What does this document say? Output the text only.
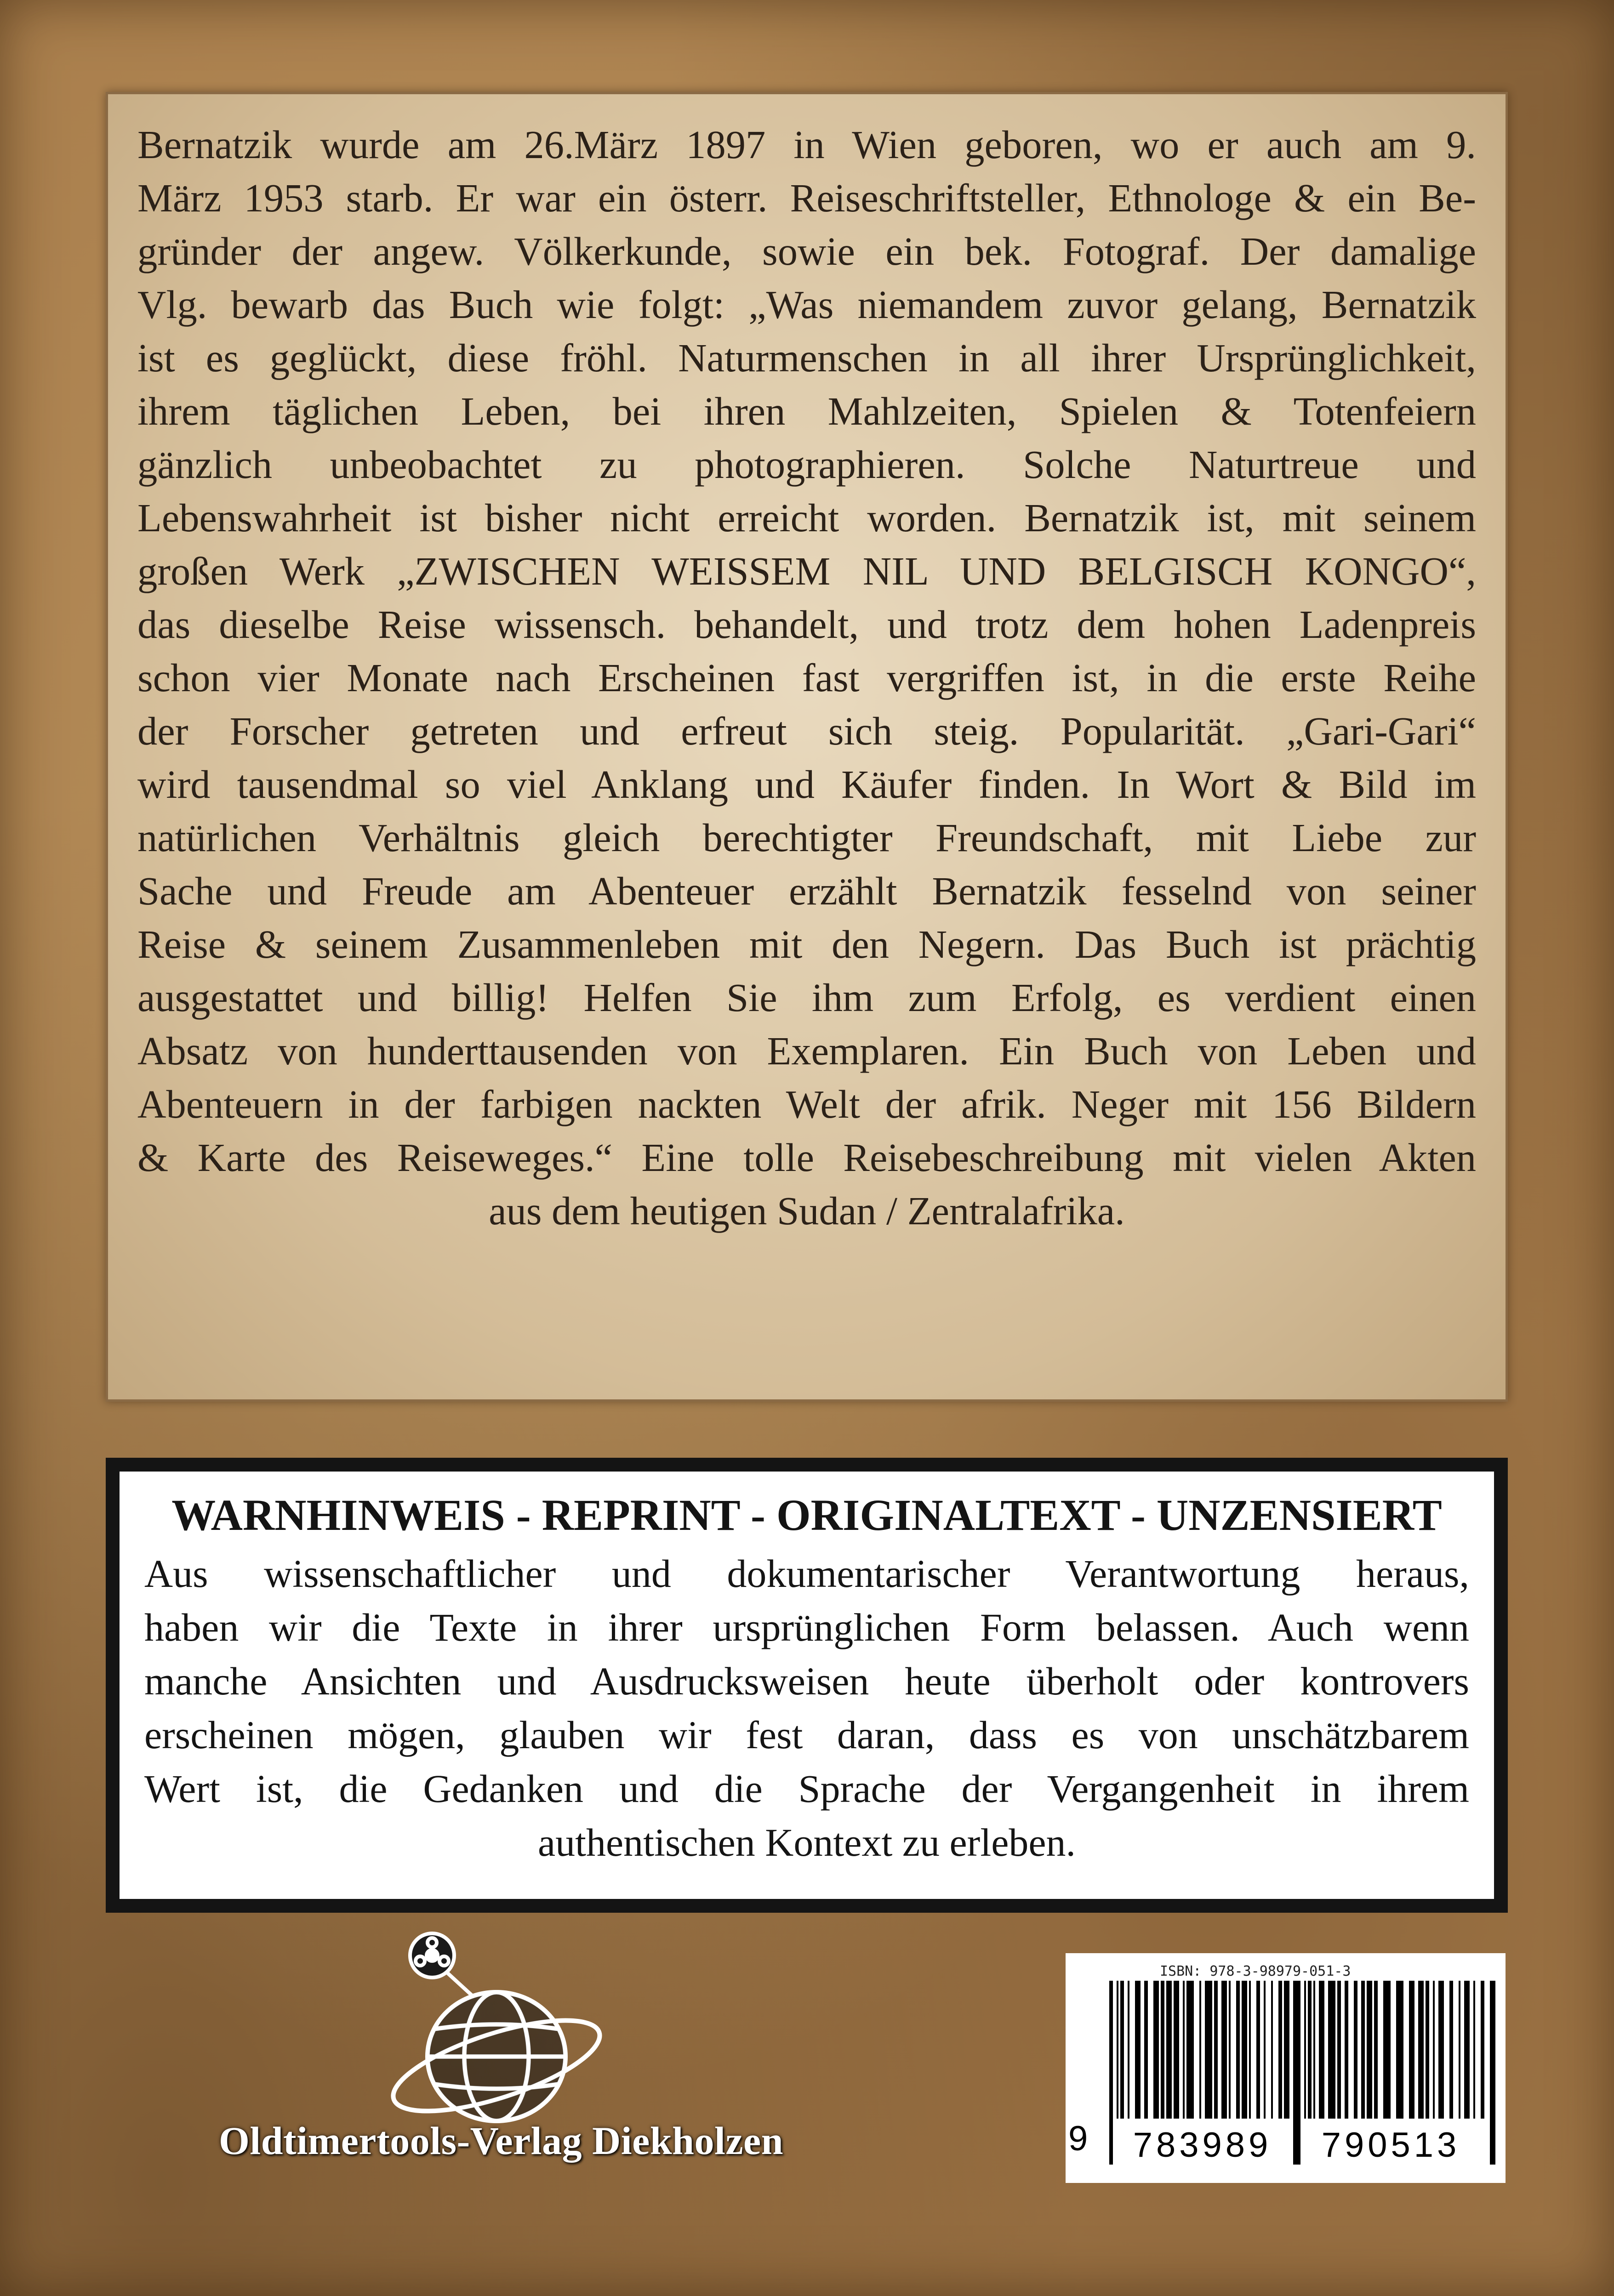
Bernatzik wurde am 26.März 1897 in Wien geboren, wo er auch am 9.

März 1953 starb. Er war ein österr. Reiseschriftsteller, Ethnologe & ein Be-

gründer der angew. Völkerkunde, sowie ein bek. Fotograf. Der damalige

Vlg. bewarb das Buch wie folgt: „Was niemandem zuvor gelang, Bernatzik

ist es geglückt, diese fröhl. Naturmenschen in all ihrer Ursprünglichkeit,

ihrem täglichen Leben, bei ihren Mahlzeiten, Spielen & Totenfeiern

gänzlich unbeobachtet zu photographieren. Solche Naturtreue und

Lebenswahrheit ist bisher nicht erreicht worden. Bernatzik ist, mit seinem

großen Werk „ZWISCHEN WEISSEM NIL UND BELGISCH KONGO“,

das dieselbe Reise wissensch. behandelt, und trotz dem hohen Ladenpreis

schon vier Monate nach Erscheinen fast vergriffen ist, in die erste Reihe

der Forscher getreten und erfreut sich steig. Popularität. „Gari-Gari“

wird tausendmal so viel Anklang und Käufer finden. In Wort & Bild im

natürlichen Verhältnis gleich berechtigter Freundschaft, mit Liebe zur

Sache und Freude am Abenteuer erzählt Bernatzik fesselnd von seiner

Reise & seinem Zusammenleben mit den Negern. Das Buch ist prächtig

ausgestattet und billig! Helfen Sie ihm zum Erfolg, es verdient einen

Absatz von hunderttausenden von Exemplaren. Ein Buch von Leben und

Abenteuern in der farbigen nackten Welt der afrik. Neger mit 156 Bildern

& Karte des Reiseweges.“ Eine tolle Reisebeschreibung mit vielen Akten

aus dem heutigen Sudan / Zentralafrika.

WARNHINWEIS - REPRINT - ORIGINALTEXT - UNZENSIERT

Aus wissenschaftlicher und dokumentarischer Verantwortung heraus,

haben wir die Texte in ihrer ursprünglichen Form belassen. Auch wenn

manche Ansichten und Ausdrucksweisen heute überholt oder kontrovers

erscheinen mögen, glauben wir fest daran, dass es von unschätzbarem

Wert ist, die Gedanken und die Sprache der Vergangenheit in ihrem

authentischen Kontext zu erleben.

Oldtimertools-Verlag Diekholzen
ISBN: 978-3-98979-051-3
9	783989	790513
